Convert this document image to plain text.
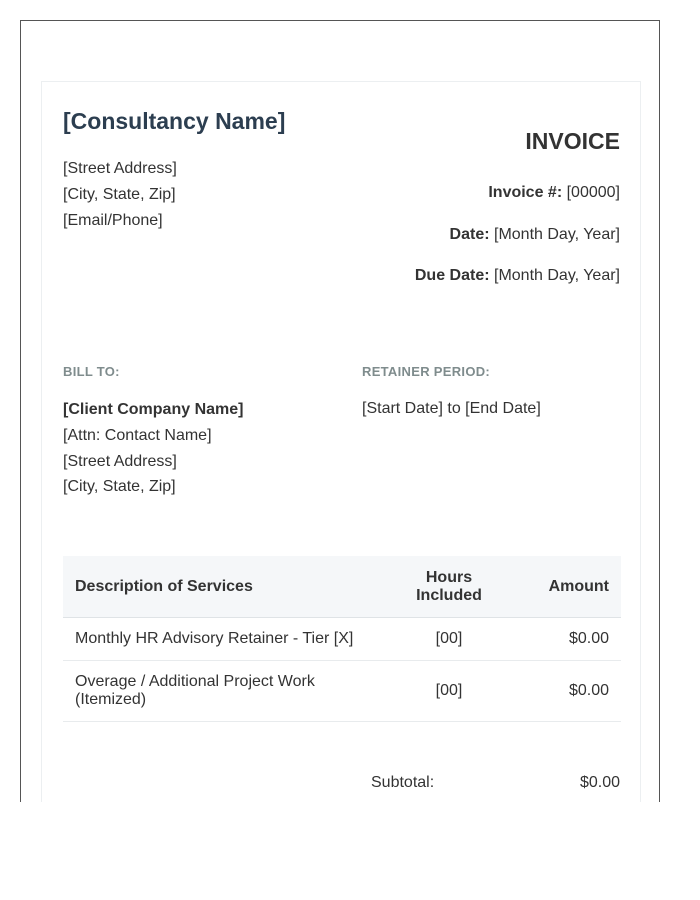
[Consultancy Name]
[Street Address]
[City, State, Zip]
[Email/Phone]
INVOICE
Invoice #: [00000]
Date: [Month Day, Year]
Due Date: [Month Day, Year]
BILL TO:
[Client Company Name]
[Attn: Contact Name]
[Street Address]
[City, State, Zip]
RETAINER PERIOD:
[Start Date] to [End Date]
Description of Services	Hours Included	Amount
Monthly HR Advisory Retainer - Tier [X]	[00]	$0.00
Overage / Additional Project Work (Itemized)	[00]	$0.00
Subtotal:	$0.00
